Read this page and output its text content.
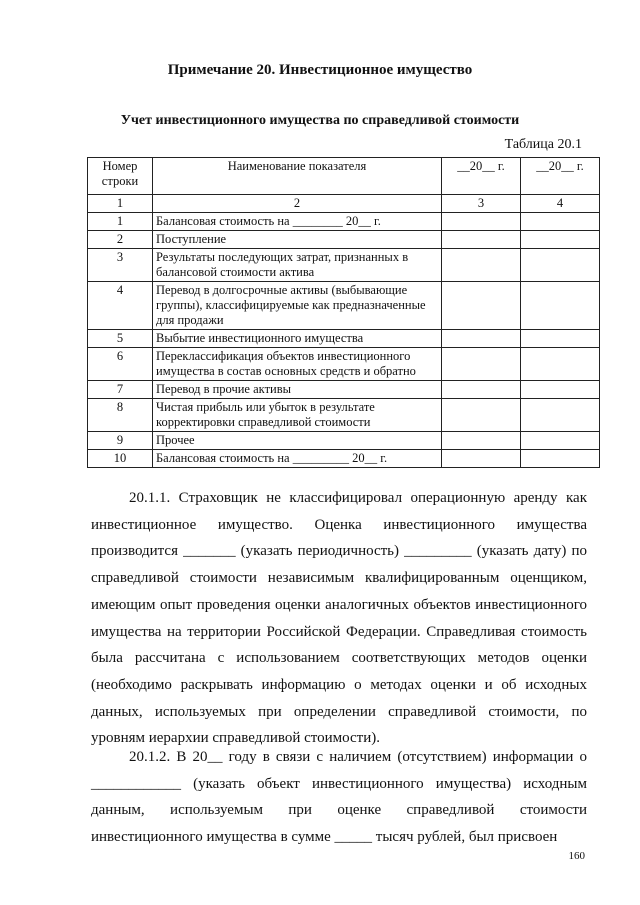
Примечание 20. Инвестиционное имущество
Учет инвестиционного имущества по справедливой стоимости
Таблица 20.1
Номер строки	Наименование показателя	__20__ г.	__20__ г.
1	2	3	4
1	Балансовая стоимость на ________ 20__ г.		
2	Поступление		
3	Результаты последующих затрат, признанных в балансовой стоимости актива		
4	Перевод в долгосрочные активы (выбывающие группы), классифицируемые как предназначенные для продажи		
5	Выбытие инвестиционного имущества		
6	Переклассификация объектов инвестиционного имущества в состав основных средств и обратно		
7	Перевод в прочие активы		
8	Чистая прибыль или убыток в результате корректировки справедливой стоимости		
9	Прочее		
10	Балансовая стоимость на _________ 20__ г.		

20.1.1. Страховщик не классифицировал операционную аренду как инвестиционное имущество. Оценка инвестиционного имущества производится _______ (указать периодичность) _________ (указать дату) по справедливой стоимости независимым квалифицированным оценщиком, имеющим опыт проведения оценки аналогичных объектов инвестиционного имущества на территории Российской Федерации. Справедливая стоимость была рассчитана с использованием соответствующих методов оценки (необходимо раскрывать информацию о методах оценки и об исходных данных, используемых при определении справедливой стоимости, по уровням иерархии справедливой стоимости).

20.1.2. В 20__ году в связи с наличием (отсутствием) информации о ____________ (указать объект инвестиционного имущества) исходным данным, используемым при оценке справедливой стоимости инвестиционного имущества в сумме _____ тысяч рублей, был присвоен

160
